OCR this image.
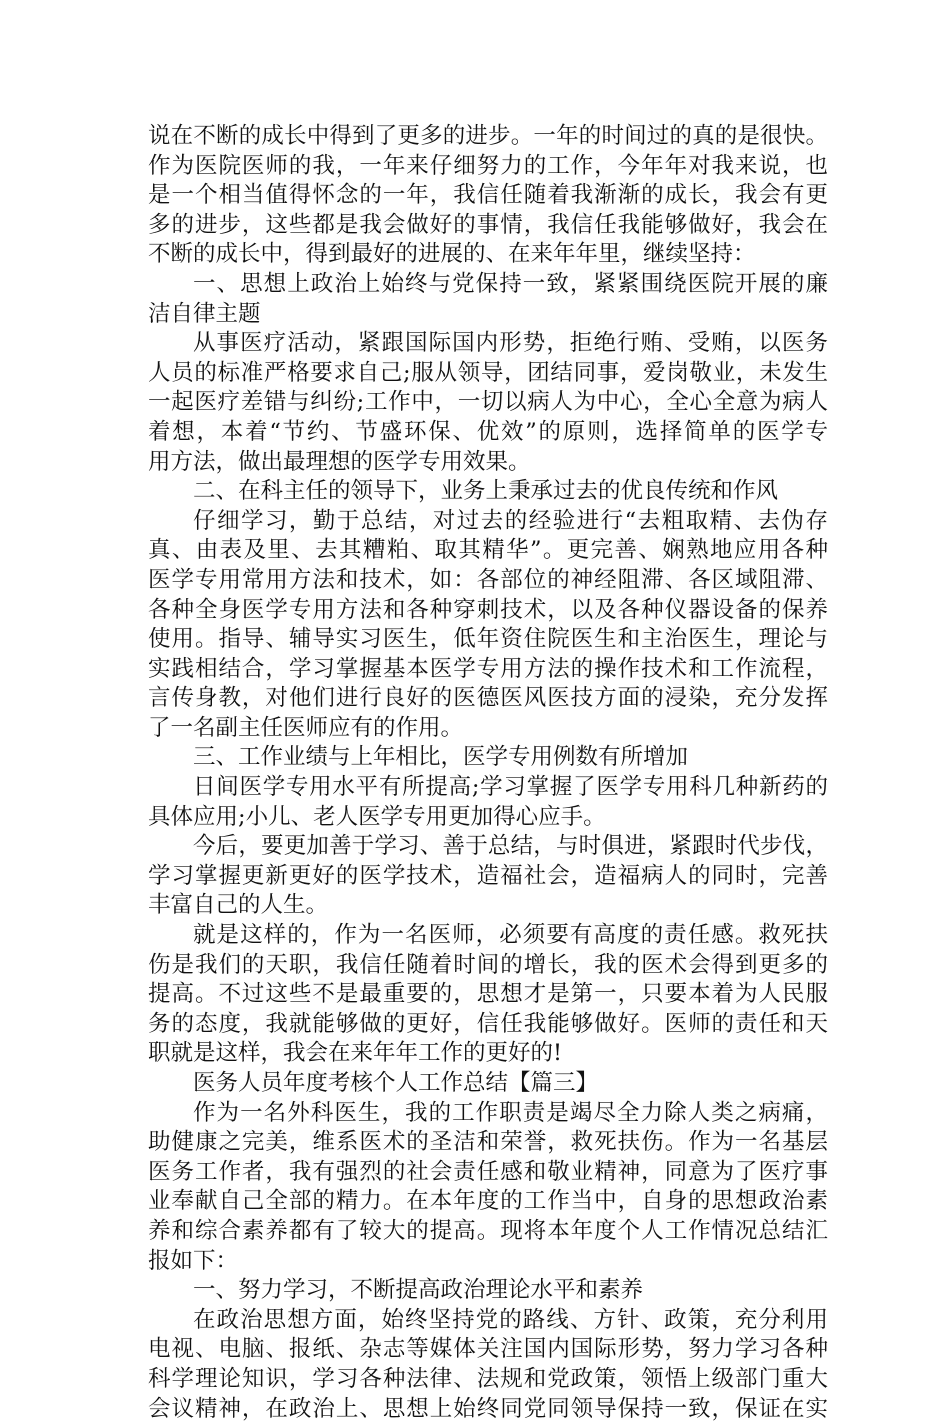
说在不断的成长中得到了更多的进步。一年的时间过的真的是很快。
作为医院医师的我，一年来仔细努力的工作，今年年对我来说，也
是一个相当值得怀念的一年，我信任随着我渐渐的成长，我会有更
多的进步，这些都是我会做好的事情，我信任我能够做好，我会在
不断的成长中，得到最好的进展的、在来年年里，继续坚持：
一、思想上政治上始终与党保持一致，紧紧围绕医院开展的廉
洁自律主题
从事医疗活动，紧跟国际国内形势，拒绝行贿、受贿，以医务
人员的标准严格要求自己;服从领导，团结同事，爱岗敬业，未发生
一起医疗差错与纠纷;工作中，一切以病人为中心，全心全意为病人
着想，本着“节约、节盛环保、优效”的原则，选择简单的医学专
用方法，做出最理想的医学专用效果。
二、在科主任的领导下，业务上秉承过去的优良传统和作风
仔细学习，勤于总结，对过去的经验进行“去粗取精、去伪存
真、由表及里、去其糟粕、取其精华”。更完善、娴熟地应用各种
医学专用常用方法和技术，如：各部位的神经阻滞、各区域阻滞、
各种全身医学专用方法和各种穿刺技术，以及各种仪器设备的保养
使用。指导、辅导实习医生，低年资住院医生和主治医生，理论与
实践相结合，学习掌握基本医学专用方法的操作技术和工作流程，
言传身教，对他们进行良好的医德医风医技方面的浸染，充分发挥
了一名副主任医师应有的作用。
三、工作业绩与上年相比，医学专用例数有所增加
日间医学专用水平有所提高;学习掌握了医学专用科几种新药的
具体应用;小儿、老人医学专用更加得心应手。
今后，要更加善于学习、善于总结，与时俱进，紧跟时代步伐，
学习掌握更新更好的医学技术，造福社会，造福病人的同时，完善
丰富自己的人生。
就是这样的，作为一名医师，必须要有高度的责任感。救死扶
伤是我们的天职，我信任随着时间的增长，我的医术会得到更多的
提高。不过这些不是最重要的，思想才是第一，只要本着为人民服
务的态度，我就能够做的更好，信任我能够做好。医师的责任和天
职就是这样，我会在来年年工作的更好的!
医务人员年度考核个人工作总结【篇三】
作为一名外科医生，我的工作职责是竭尽全力除人类之病痛，
助健康之完美，维系医术的圣洁和荣誉，救死扶伤。作为一名基层
医务工作者，我有强烈的社会责任感和敬业精神，同意为了医疗事
业奉献自己全部的精力。在本年度的工作当中，自身的思想政治素
养和综合素养都有了较大的提高。现将本年度个人工作情况总结汇
报如下：
一、努力学习，不断提高政治理论水平和素养
在政治思想方面，始终坚持党的路线、方针、政策，充分利用
电视、电脑、报纸、杂志等媒体关注国内国际形势，努力学习各种
科学理论知识，学习各种法律、法规和党政策，领悟上级部门重大
会议精神，在政治上、思想上始终同党同领导保持一致，保证在实
